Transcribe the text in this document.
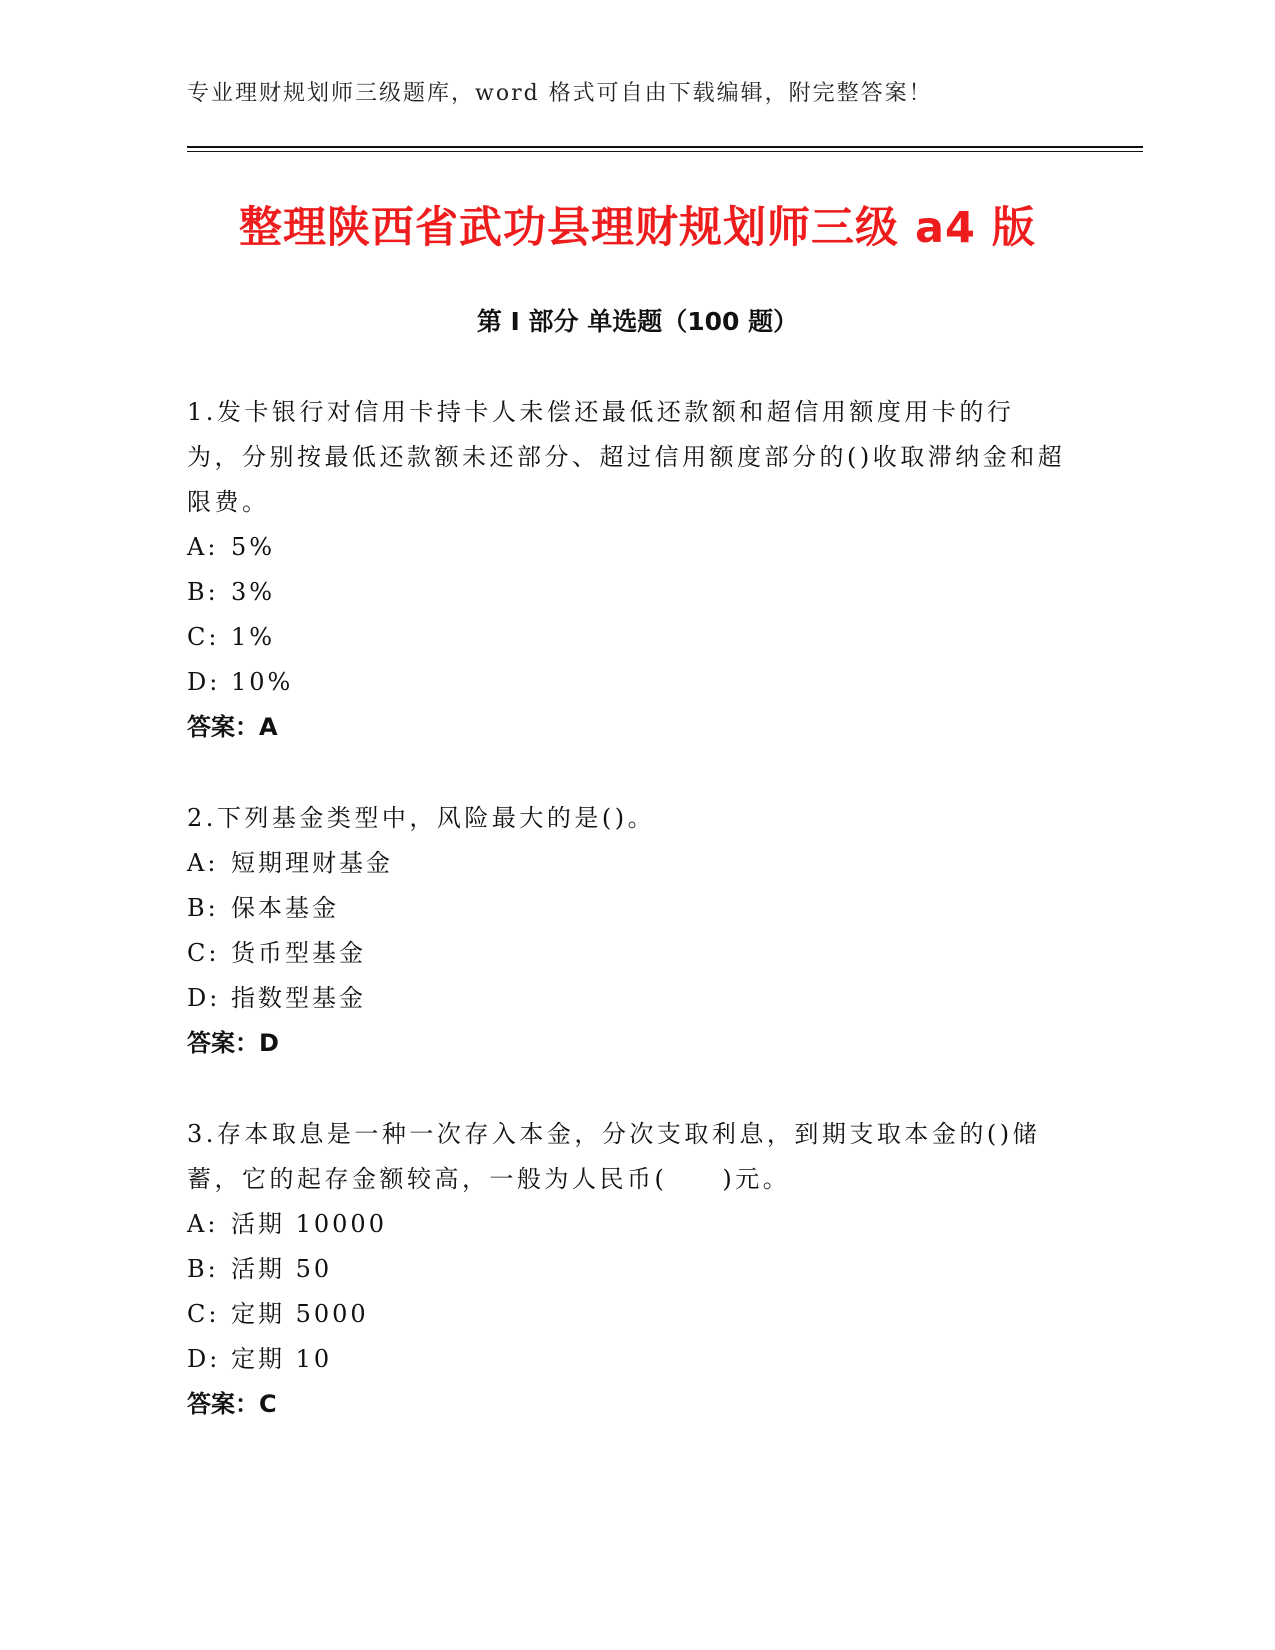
专业理财规划师三级题库，word 格式可自由下载编辑，附完整答案！
整理陕西省武功县理财规划师三级 a4 版
第 I 部分 单选题（100 题）

1.发卡银行对信用卡持卡人未偿还最低还款额和超信用额度用卡的行为，分别按最低还款额未还部分、超过信用额度部分的()收取滞纳金和超限费。

A: 5%

B: 3%

C: 1%

D: 10%

答案：A

2.下列基金类型中，风险最大的是()。

A: 短期理财基金

B: 保本基金

C: 货币型基金

D: 指数型基金

答案：D

3.存本取息是一种一次存入本金，分次支取利息，到期支取本金的()储蓄，它的起存金额较高，一般为人民币(　　)元。

A: 活期 10000

B: 活期 50

C: 定期 5000

D: 定期 10

答案：C
